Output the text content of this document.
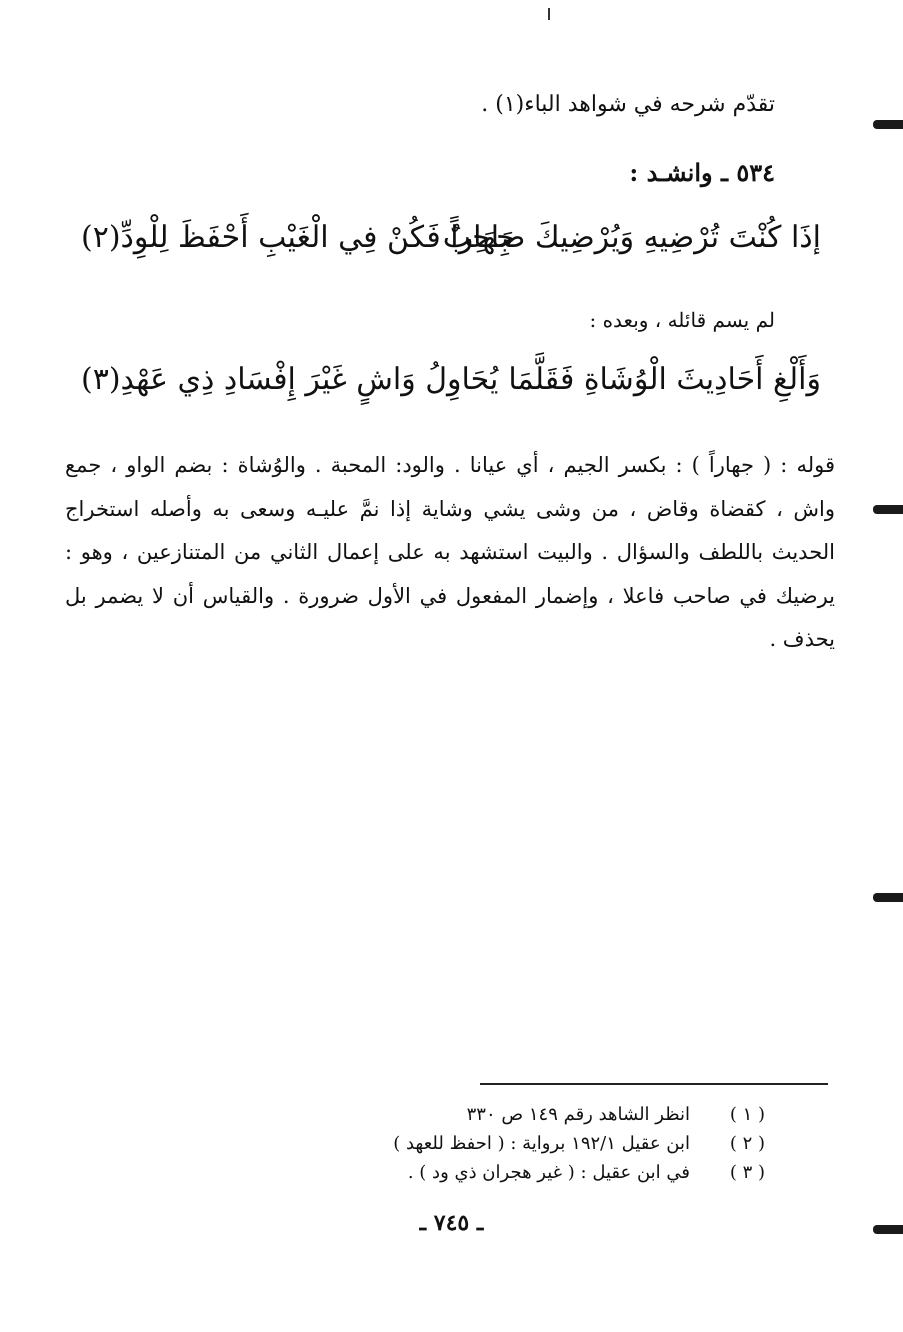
تقدّم شرحه في شواهد الباء(١) .
٥٣٤ ـ وانشـد :
إذَا كُنْتَ تُرْضِيهِ وَيُرْضِيكَ صَاحِبٌ
جِهَاراً فَكُنْ فِي الْغَيْبِ أَحْفَظَ لِلْوِدِّ(٢)
لم يسم قائله ، وبعده :
وَأَلْغِ أَحَادِيثَ الْوُشَاةِ فَقَلَّمَا
يُحَاوِلُ وَاشٍ غَيْرَ إِفْسَادِ ذِي عَهْدِ(٣)

قوله : ( جهاراً ) : بكسر الجيم ، أي عيانا . والود: المحبة . والوُشاة : بضم الواو ، جمع واش ، كقضاة وقاض ، من وشى يشي وشاية إذا نمَّ عليـه وسعى به وأصله استخراج الحديث باللطف والسؤال . والبيت استشهد به على إعمال الثاني من المتنازعين ، وهو : يرضيك في صاحب فاعلا ، وإضمار المفعول في الأول ضرورة . والقياس أن لا يضمر بل يحذف .

( ١ )
انظر الشاهد رقم ١٤٩ ص ٣٣٠
( ٢ )
ابن عقيل ١٩٢/١ برواية : ( احفظ للعهد )
( ٣ )
في ابن عقيل : ( غير هجران ذي ود ) .
ـ ٧٤٥ ـ
